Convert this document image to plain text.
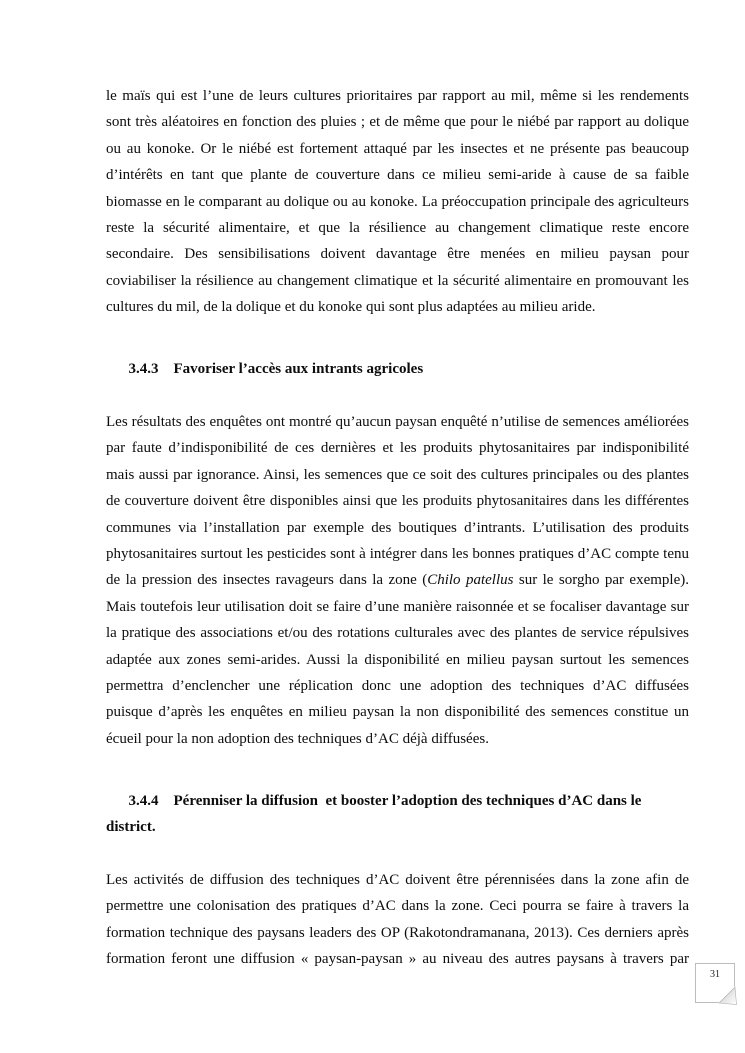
le maïs qui est l’une de leurs cultures prioritaires par rapport au mil, même si les rendements sont très aléatoires en fonction des pluies ; et de même que pour le niébé par rapport au dolique ou au konoke. Or le niébé est fortement attaqué par les insectes et ne présente pas beaucoup d’intérêts en tant que plante de couverture dans ce milieu semi-aride à cause de sa faible biomasse en le comparant au dolique ou au konoke. La préoccupation principale des agriculteurs reste la sécurité alimentaire, et que la résilience au changement climatique reste encore secondaire. Des sensibilisations doivent davantage être menées en milieu paysan pour coviabiliser la résilience au changement climatique et la sécurité alimentaire en promouvant les cultures du mil, de la dolique et du konoke qui sont plus adaptées au milieu aride.

3.4.3 Favoriser l’accès aux intrants agricoles

Les résultats des enquêtes ont montré qu’aucun paysan enquêté n’utilise de semences améliorées par faute d’indisponibilité de ces dernières et les produits phytosanitaires par indisponibilité mais aussi par ignorance. Ainsi, les semences que ce soit des cultures principales ou des plantes de couverture doivent être disponibles ainsi que les produits phytosanitaires dans les différentes communes via l’installation par exemple des boutiques d’intrants. L’utilisation des produits phytosanitaires surtout les pesticides sont à intégrer dans les bonnes pratiques d’AC compte tenu de la pression des insectes ravageurs dans la zone (Chilo patellus sur le sorgho par exemple). Mais toutefois leur utilisation doit se faire d’une manière raisonnée et se focaliser davantage sur la pratique des associations et/ou des rotations culturales avec des plantes de service répulsives adaptée aux zones semi-arides. Aussi la disponibilité en milieu paysan surtout les semences permettra d’enclencher une réplication donc une adoption des techniques d’AC diffusées puisque d’après les enquêtes en milieu paysan la non disponibilité des semences constitue un écueil pour la non adoption des techniques d’AC déjà diffusées.

3.4.4 Pérenniser la diffusion  et booster l’adoption des techniques d’AC dans le district.

Les activités de diffusion des techniques d’AC doivent être pérennisées dans la zone afin de permettre une colonisation des pratiques d’AC dans la zone. Ceci pourra se faire à travers la formation technique des paysans leaders des OP (Rakotondramanana, 2013). Ces derniers après formation feront une diffusion « paysan-paysan » au niveau des autres paysans à travers par

31
